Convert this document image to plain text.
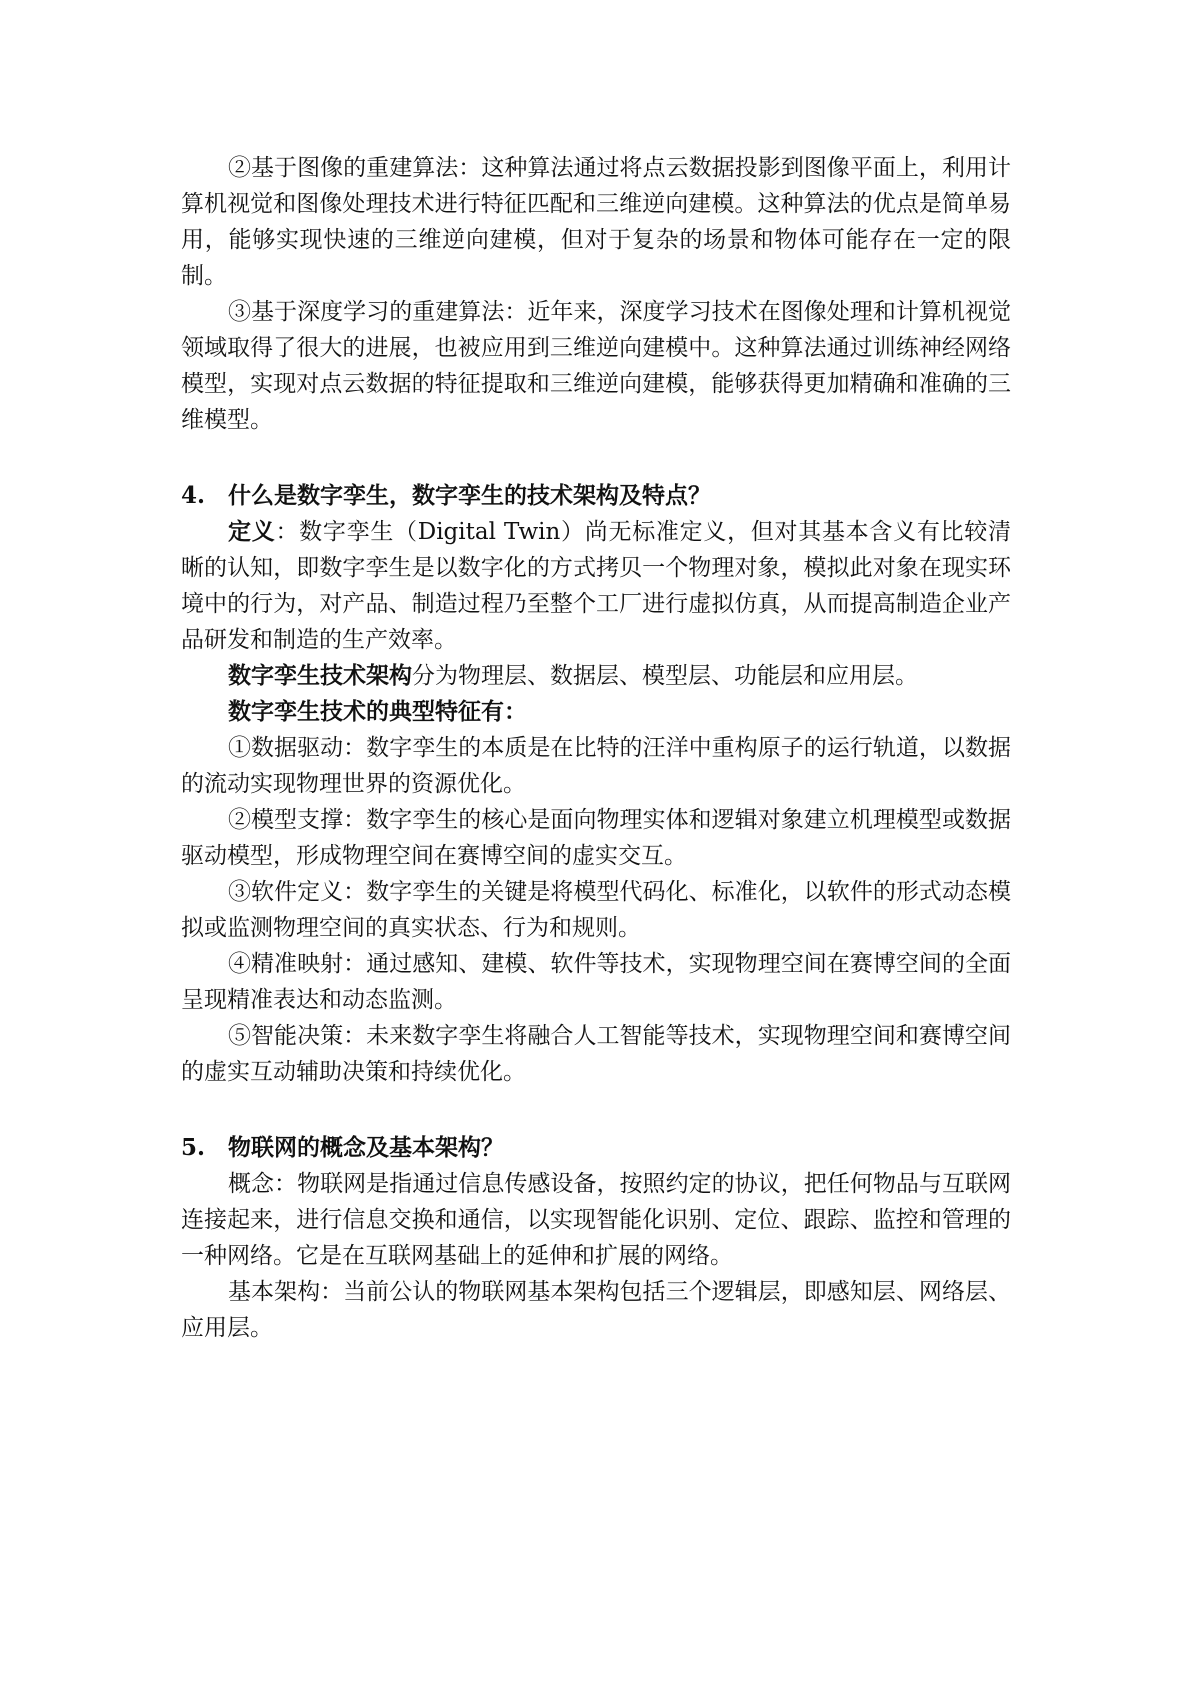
②基于图像的重建算法：这种算法通过将点云数据投影到图像平面上，利用计算机视觉和图像处理技术进行特征匹配和三维逆向建模。这种算法的优点是简单易用，能够实现快速的三维逆向建模，但对于复杂的场景和物体可能存在一定的限制。

③基于深度学习的重建算法：近年来，深度学习技术在图像处理和计算机视觉领域取得了很大的进展，也被应用到三维逆向建模中。这种算法通过训练神经网络模型，实现对点云数据的特征提取和三维逆向建模，能够获得更加精确和准确的三维模型。

4. 什么是数字孪生，数字孪生的技术架构及特点？

定义：数字孪生（Digital Twin）尚无标准定义，但对其基本含义有比较清晰的认知，即数字孪生是以数字化的方式拷贝一个物理对象，模拟此对象在现实环境中的行为，对产品、制造过程乃至整个工厂进行虚拟仿真，从而提高制造企业产品研发和制造的生产效率。

数字孪生技术架构分为物理层、数据层、模型层、功能层和应用层。

数字孪生技术的典型特征有：

①数据驱动：数字孪生的本质是在比特的汪洋中重构原子的运行轨道，以数据的流动实现物理世界的资源优化。

②模型支撑：数字孪生的核心是面向物理实体和逻辑对象建立机理模型或数据驱动模型，形成物理空间在赛博空间的虚实交互。

③软件定义：数字孪生的关键是将模型代码化、标准化，以软件的形式动态模拟或监测物理空间的真实状态、行为和规则。

④精准映射：通过感知、建模、软件等技术，实现物理空间在赛博空间的全面呈现精准表达和动态监测。

⑤智能决策：未来数字孪生将融合人工智能等技术，实现物理空间和赛博空间的虚实互动辅助决策和持续优化。

5. 物联网的概念及基本架构？

概念：物联网是指通过信息传感设备，按照约定的协议，把任何物品与互联网连接起来，进行信息交换和通信，以实现智能化识别、定位、跟踪、监控和管理的一种网络。它是在互联网基础上的延伸和扩展的网络。

基本架构：当前公认的物联网基本架构包括三个逻辑层，即感知层、网络层、应用层。
